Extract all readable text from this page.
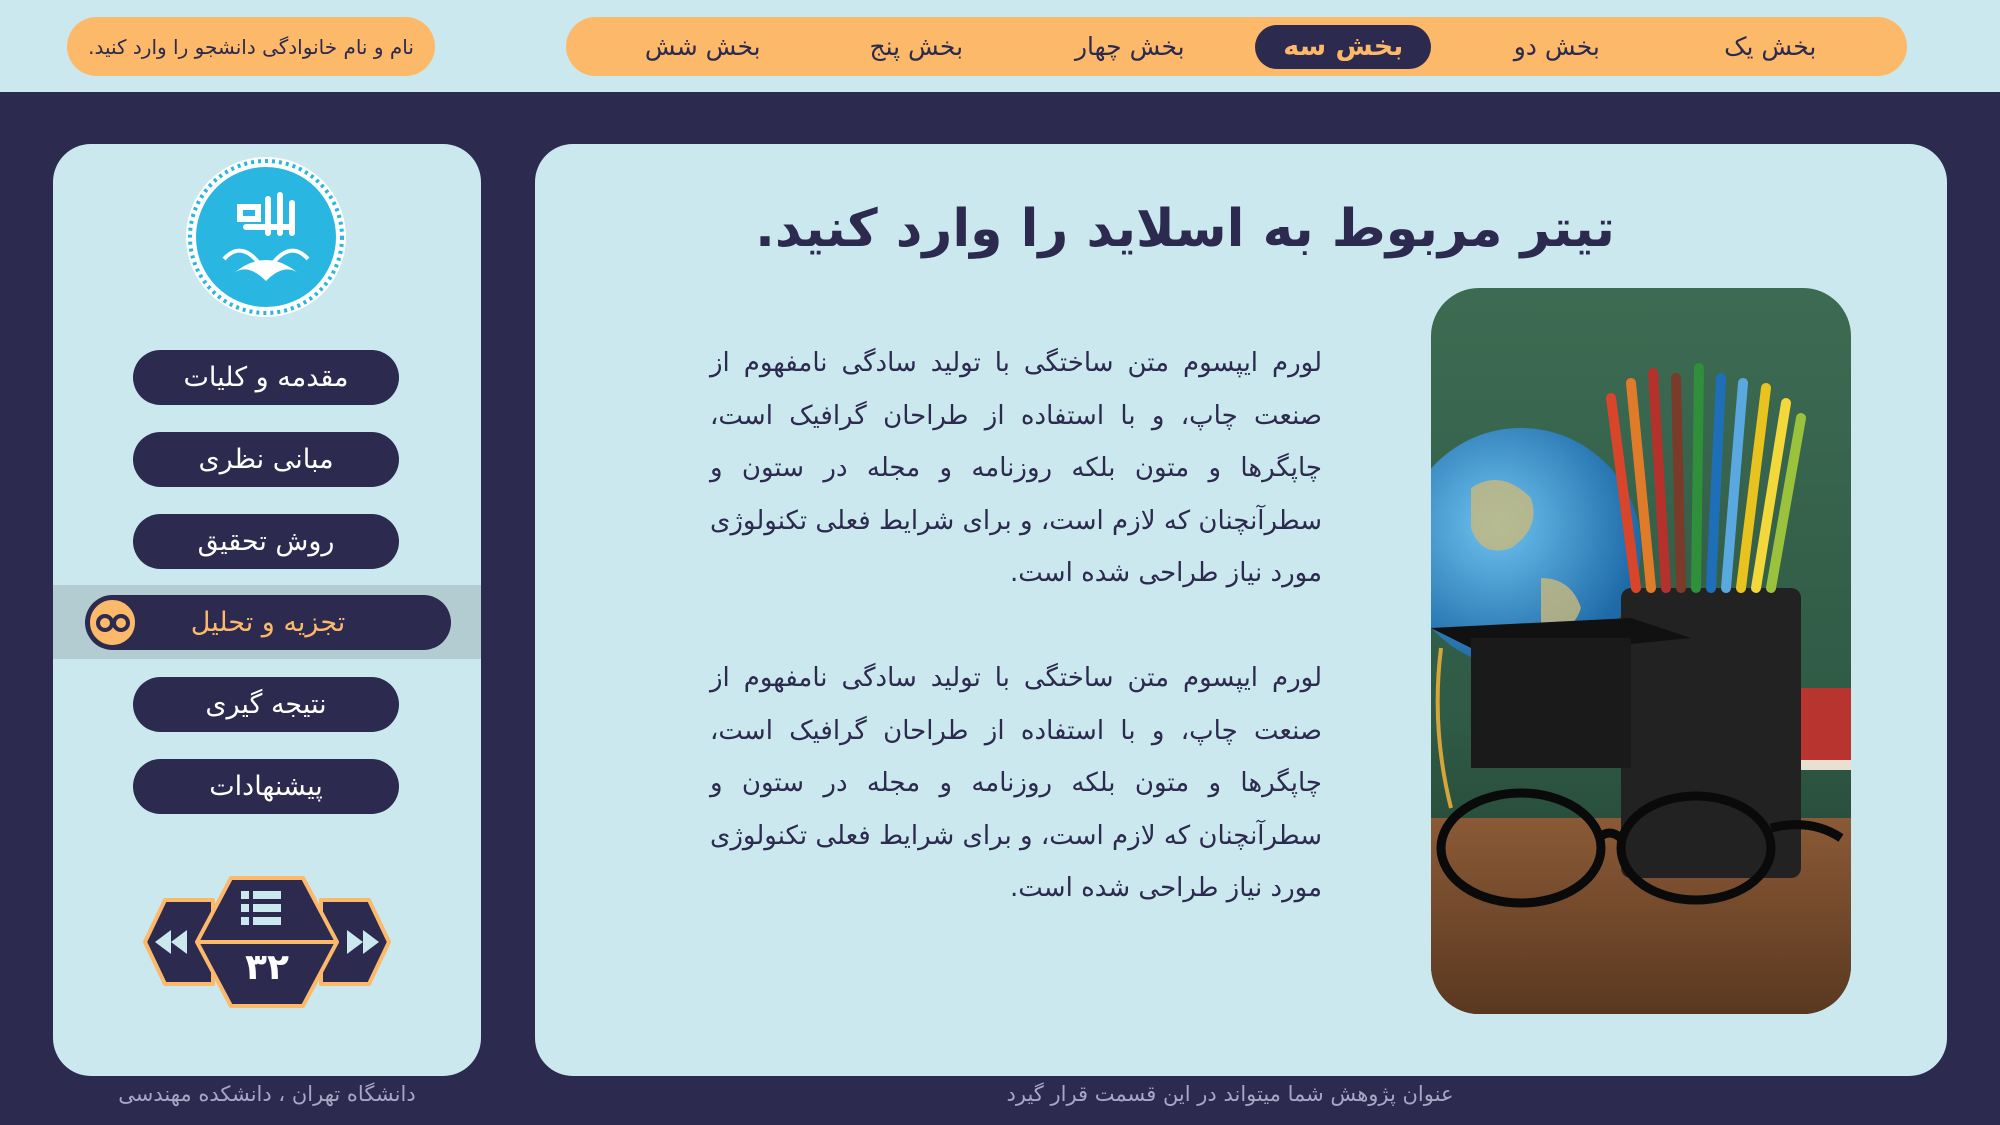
نام و نام خانوادگی دانشجو را وارد کنید.	بخش یک
بخش دو
بخش سه
بخش چهار
بخش پنج
بخش شش
مقدمه و کلیات
مبانی نظری
روش تحقیق
تجزیه و تحلیل
نتیجه گیری
پیشنهادات
۳۲
تیتر مربوط به اسلاید را وارد کنید.
لورم ایپسوم متن ساختگی با تولید سادگی نامفهوم از صنعت چاپ، و با استفاده از طراحان گرافیک است، چاپگرها و متون بلکه روزنامه و مجله در ستون و سطرآنچنان که لازم است، و برای شرایط فعلی تکنولوژی مورد نیاز طراحی شده است.
لورم ایپسوم متن ساختگی با تولید سادگی نامفهوم از صنعت چاپ، و با استفاده از طراحان گرافیک است، چاپگرها و متون بلکه روزنامه و مجله در ستون و سطرآنچنان که لازم است، و برای شرایط فعلی تکنولوژی مورد نیاز طراحی شده است.
دانشگاه تهران ، دانشکده مهندسی	عنوان پژوهش شما میتواند در این قسمت قرار گیرد
